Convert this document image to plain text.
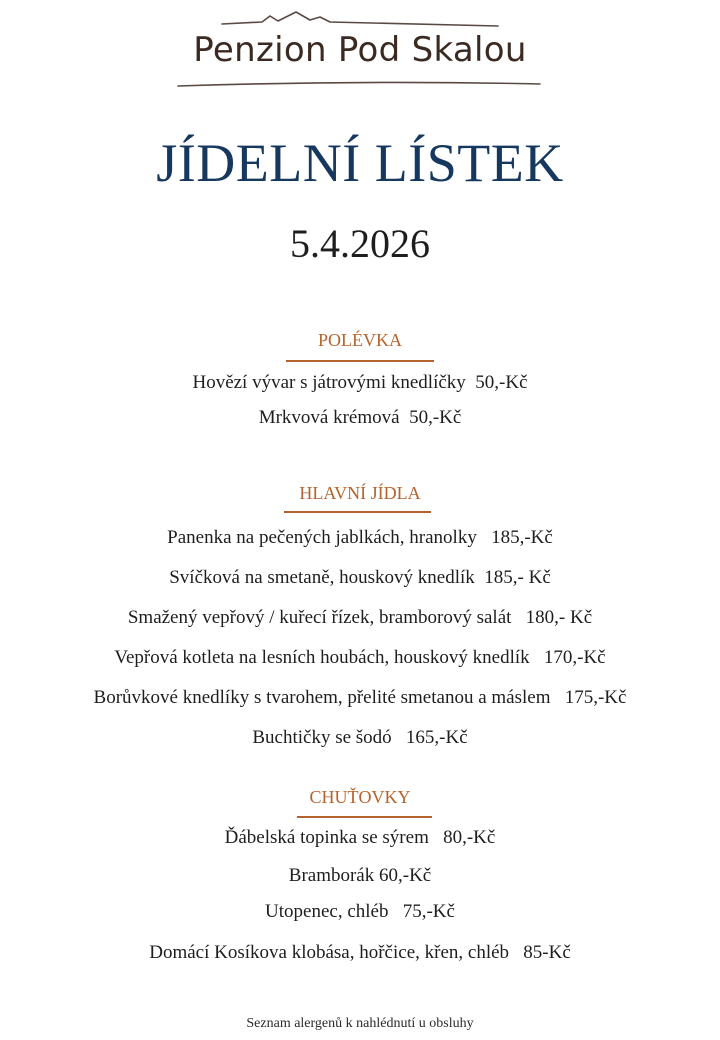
Penzion Pod Skalou
JÍDELNÍ LÍSTEK
5.4.2026
POLÉVKA
Hovězí vývar s játrovými knedlíčky  50,-Kč
Mrkvová krémová  50,-Kč
HLAVNÍ JÍDLA
Panenka na pečených jablkách, hranolky   185,-Kč
Svíčková na smetaně, houskový knedlík  185,- Kč
Smažený vepřový / kuřecí řízek, bramborový salát   180,- Kč
Vepřová kotleta na lesních houbách, houskový knedlík   170,-Kč
Borůvkové knedlíky s tvarohem, přelité smetanou a máslem   175,-Kč
Buchtičky se šodó   165,-Kč
CHUŤOVKY
Ďábelská topinka se sýrem   80,-Kč
Bramborák 60,-Kč
Utopenec, chléb   75,-Kč
Domácí Kosíkova klobása, hořčice, křen, chléb   85-Kč
Seznam alergenů k nahlédnutí u obsluhy
